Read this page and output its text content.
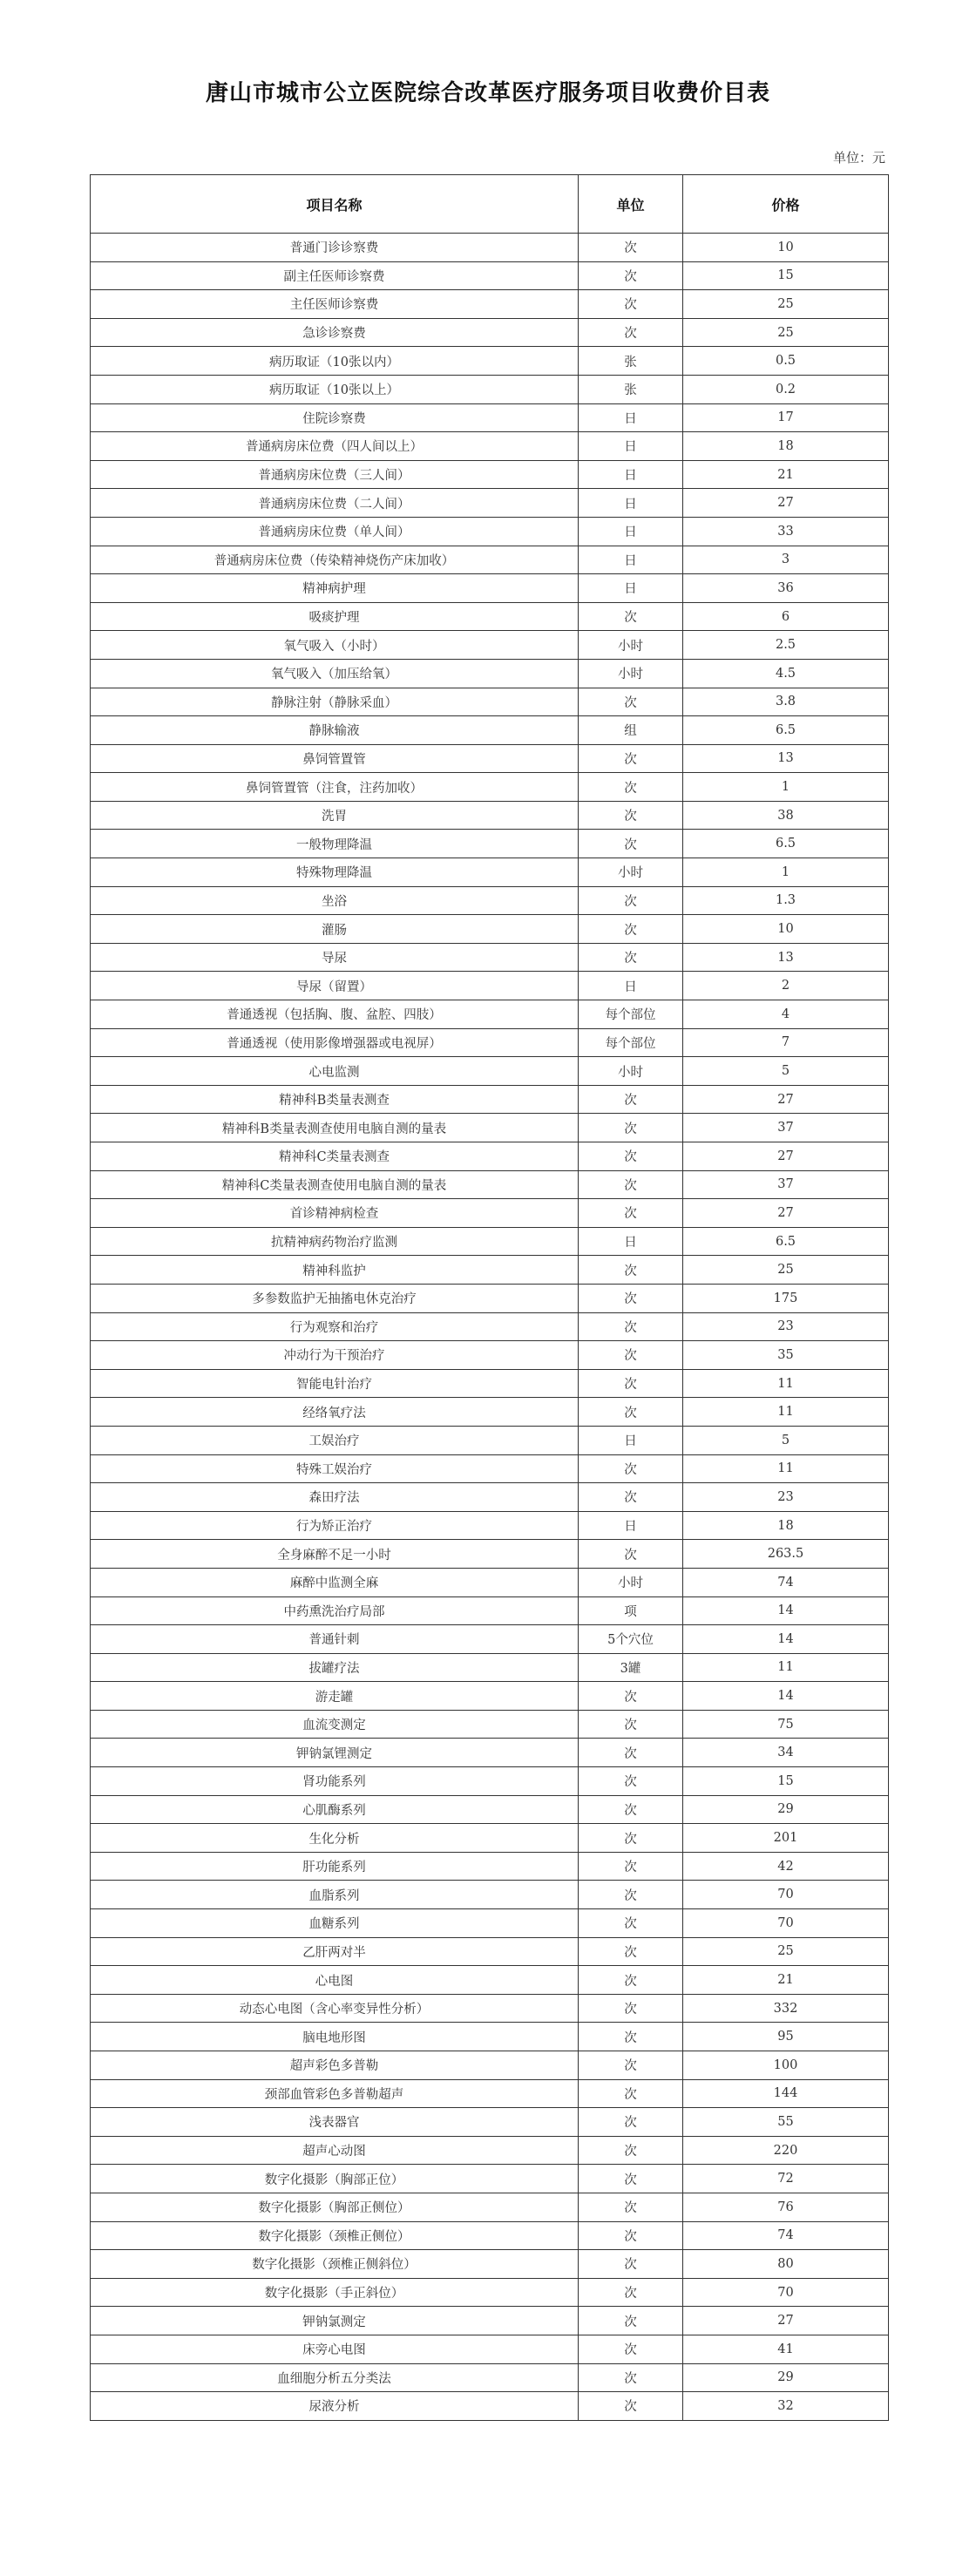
唐山市城市公立医院综合改革医疗服务项目收费价目表
单位：元
项目名称	单位	价格
普通门诊诊察费	次	10
副主任医师诊察费	次	15
主任医师诊察费	次	25
急诊诊察费	次	25
病历取证（10张以内）	张	0.5
病历取证（10张以上）	张	0.2
住院诊察费	日	17
普通病房床位费（四人间以上）	日	18
普通病房床位费（三人间）	日	21
普通病房床位费（二人间）	日	27
普通病房床位费（单人间）	日	33
普通病房床位费（传染精神烧伤产床加收）	日	3
精神病护理	日	36
吸痰护理	次	6
氧气吸入（小时）	小时	2.5
氧气吸入（加压给氧）	小时	4.5
静脉注射（静脉采血）	次	3.8
静脉输液	组	6.5
鼻饲管置管	次	13
鼻饲管置管（注食，注药加收）	次	1
洗胃	次	38
一般物理降温	次	6.5
特殊物理降温	小时	1
坐浴	次	1.3
灌肠	次	10
导尿	次	13
导尿（留置）	日	2
普通透视（包括胸、腹、盆腔、四肢）	每个部位	4
普通透视（使用影像增强器或电视屏）	每个部位	7
心电监测	小时	5
精神科B类量表测查	次	27
精神科B类量表测查使用电脑自测的量表	次	37
精神科C类量表测查	次	27
精神科C类量表测查使用电脑自测的量表	次	37
首诊精神病检查	次	27
抗精神病药物治疗监测	日	6.5
精神科监护	次	25
多参数监护无抽搐电休克治疗	次	175
行为观察和治疗	次	23
冲动行为干预治疗	次	35
智能电针治疗	次	11
经络氧疗法	次	11
工娱治疗	日	5
特殊工娱治疗	次	11
森田疗法	次	23
行为矫正治疗	日	18
全身麻醉不足一小时	次	263.5
麻醉中监测全麻	小时	74
中药熏洗治疗局部	项	14
普通针刺	5个穴位	14
拔罐疗法	3罐	11
游走罐	次	14
血流变测定	次	75
钾钠氯锂测定	次	34
肾功能系列	次	15
心肌酶系列	次	29
生化分析	次	201
肝功能系列	次	42
血脂系列	次	70
血糖系列	次	70
乙肝两对半	次	25
心电图	次	21
动态心电图（含心率变异性分析）	次	332
脑电地形图	次	95
超声彩色多普勒	次	100
颈部血管彩色多普勒超声	次	144
浅表器官	次	55
超声心动图	次	220
数字化摄影（胸部正位）	次	72
数字化摄影（胸部正侧位）	次	76
数字化摄影（颈椎正侧位）	次	74
数字化摄影（颈椎正侧斜位）	次	80
数字化摄影（手正斜位）	次	70
钾钠氯测定	次	27
床旁心电图	次	41
血细胞分析五分类法	次	29
尿液分析	次	32
